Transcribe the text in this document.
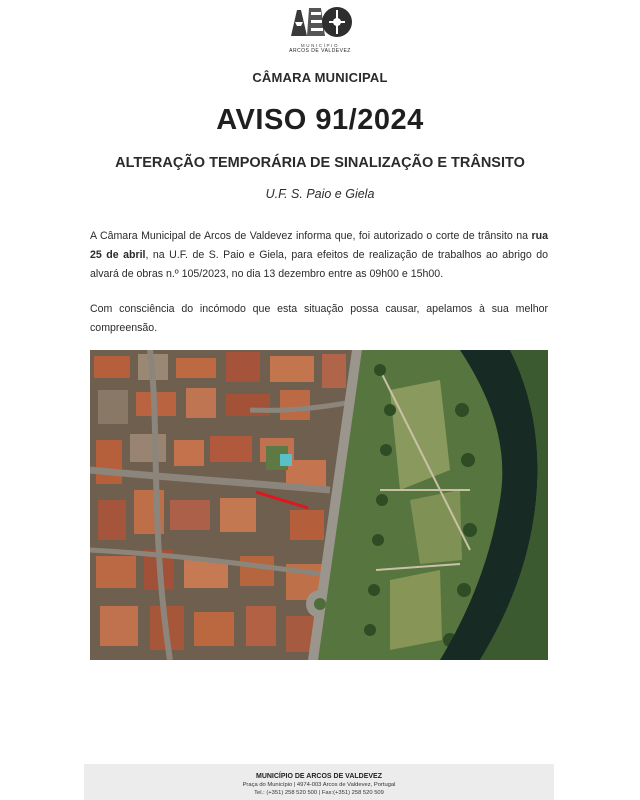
MUNICÍPIO
ARCOS DE VALDEVEZ
CÂMARA MUNICIPAL
AVISO 91/2024
ALTERAÇÃO TEMPORÁRIA DE SINALIZAÇÃO E TRÂNSITO
U.F. S. Paio e Giela

A Câmara Municipal de Arcos de Valdevez informa que, foi autorizado o corte de trânsito na rua 25 de abril, na U.F. de S. Paio e Giela, para efeitos de realização de trabalhos ao abrigo do alvará de obras n.º 105/2023, no dia 13 dezembro entre as 09h00 e 15h00.

Com consciência do incómodo que esta situação possa causar, apelamos à sua melhor compreensão.

MUNICÍPIO DE ARCOS DE VALDEVEZ
Praça do Município | 4974-003 Arcos de Valdevez, Portugal
Tel.: (+351) 258 520 500 | Fax:(+351) 258 520 509
